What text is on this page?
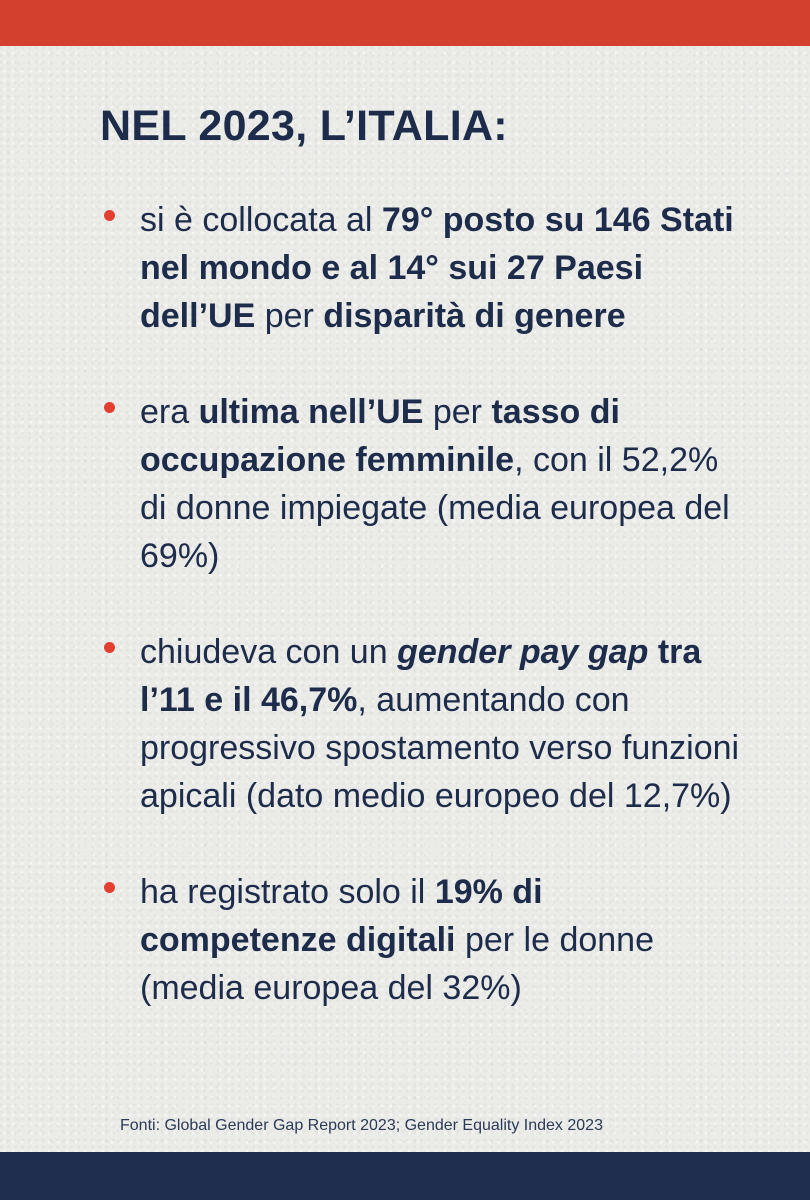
NEL 2023, L’ITALIA:
si è collocata al 79° posto su 146 Stati nel mondo e al 14° sui 27 Paesi dell’UE per disparità di genere
era ultima nell’UE per tasso di occupazione femminile, con il 52,2% di donne impiegate (media europea del 69%)
chiudeva con un gender pay gap tra l’11 e il 46,7%, aumentando con progressivo spostamento verso funzioni apicali (dato medio europeo del 12,7%)
ha registrato solo il 19% di competenze digitali per le donne (media europea del 32%)

Fonti: Global Gender Gap Report 2023; Gender Equality Index 2023
